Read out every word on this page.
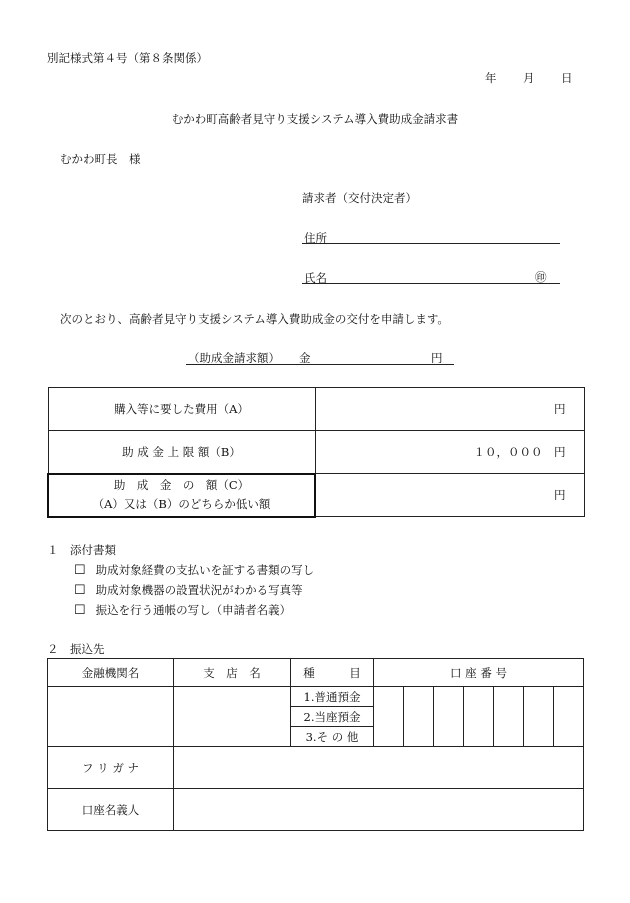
別記様式第４号（第８条関係）
年 月 日
むかわ町高齢者見守り支援システム導入費助成金請求書
むかわ町長　様
請求者（交付決定者）
住所
氏名	㊞
次のとおり、高齢者見守り支援システム導入費助成金の交付を申請します。
（助成金請求額） 金	円
購入等に要した費用（A）	円
助 成 金 上 限 額（B）	１０，０００　円

助　成　金　の　額（C）
（A）又は（B）のどちらか低い額	円
１　添付書類
☐ 助成対象経費の支払いを証する書類の写し
☐ 助成対象機器の設置状況がわかる写真等
☐ 振込を行う通帳の写し（申請者名義）
２　振込先
金融機関名	支　店　名	種　　　目	口 座 番 号						
		1.普通預金							
		2.当座預金							
		3.そ の 他							
フ リ ガ ナ									
口座名義人									
